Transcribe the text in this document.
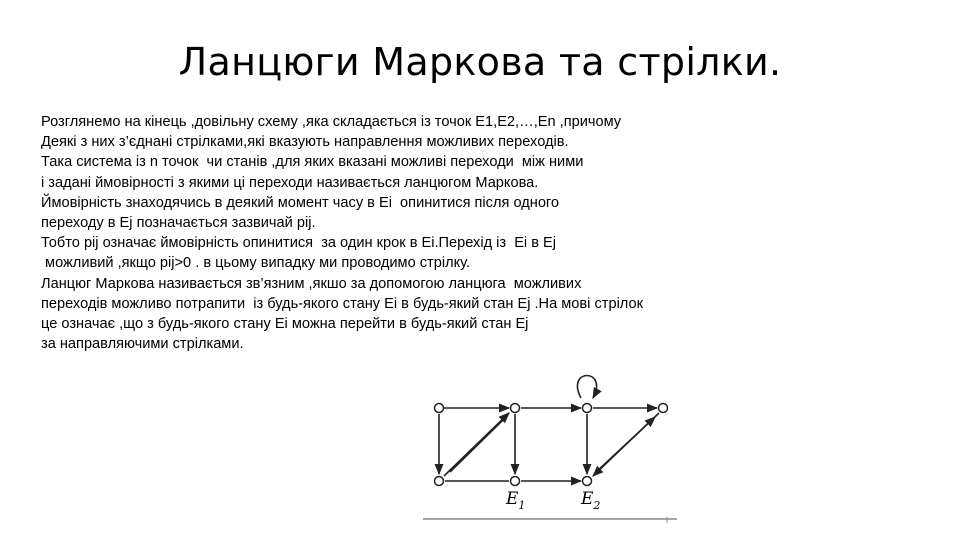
Ланцюги Маркова та стрілки.
Розглянемо на кінець ,довільну схему ,яка складається із точок Е1,Е2,…,Еn ,причому
Деякі з них з’єднані стрілками,які вказують направлення можливих переходів.
Така система із n точок  чи станів ,для яких вказані можливі переходи  між ними
і задані ймовірності з якими ці переходи називається ланцюгом Маркова.
Ймовірність знаходячись в деякий момент часу в Еі  опинитися після одного
переходу в Еj позначається зазвичай pij.
Тобто pij означає ймовірність опинитися  за один крок в Еі.Перехід із  Еі в Еj
можливий ,якщо pij>0 . в цьому випадку ми проводимо стрілку.
Ланцюг Маркова називається зв’язним ,якшо за допомогою ланцюга  можливих
переходів можливо потрапити  із будь-якого стану Еі в будь-який стан Еj .На мові стрілок
це означає ,що з будь-якого стану Еі можна перейти в будь-який стан Еj
за направляючими стрілками.
$E_1$	$E_2$
